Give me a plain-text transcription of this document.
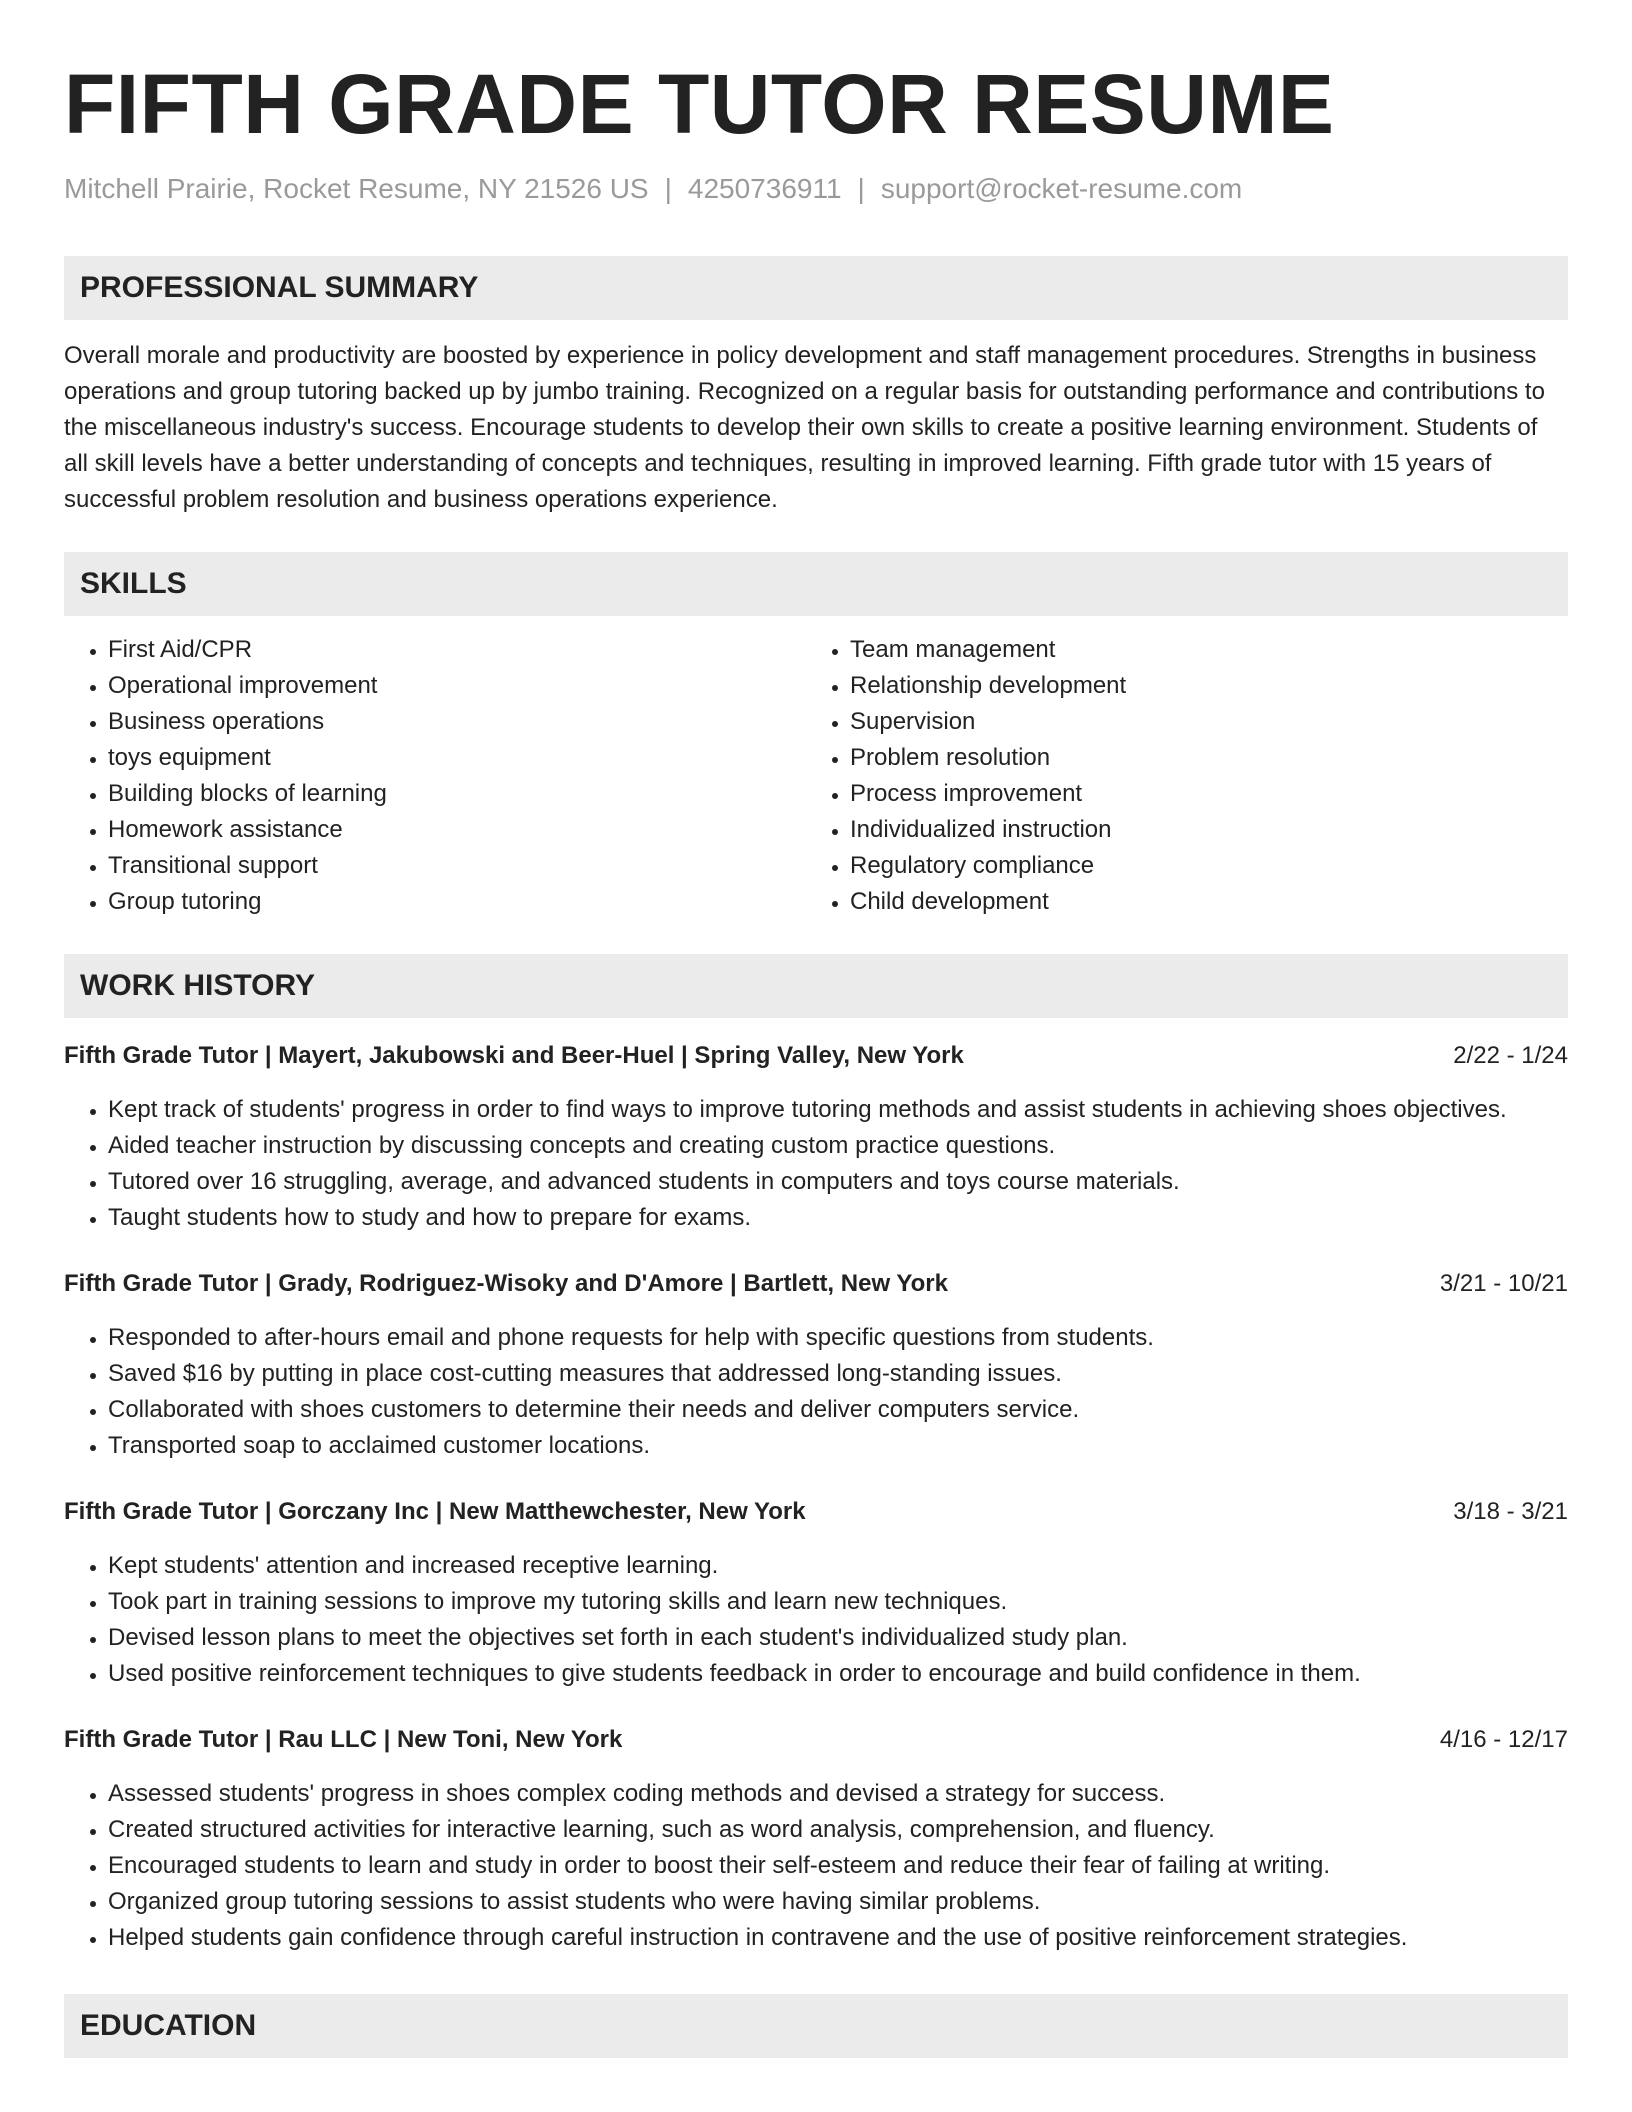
FIFTH GRADE TUTOR RESUME
Mitchell Prairie, Rocket Resume, NY 21526 US | 4250736911 | support@rocket-resume.com
PROFESSIONAL SUMMARY

Overall morale and productivity are boosted by experience in policy development and staff management procedures. Strengths in business operations and group tutoring backed up by jumbo training. Recognized on a regular basis for outstanding performance and contributions to the miscellaneous industry's success. Encourage students to develop their own skills to create a positive learning environment. Students of all skill levels have a better understanding of concepts and techniques, resulting in improved learning. Fifth grade tutor with 15 years of successful problem resolution and business operations experience.

SKILLS
• First Aid/CPR
• Operational improvement
• Business operations
• toys equipment
• Building blocks of learning
• Homework assistance
• Transitional support
• Group tutoring
• Team management
• Relationship development
• Supervision
• Problem resolution
• Process improvement
• Individualized instruction
• Regulatory compliance
• Child development
WORK HISTORY
Fifth Grade Tutor | Mayert, Jakubowski and Beer-Huel | Spring Valley, New York	2/22 - 1/24
• Kept track of students' progress in order to find ways to improve tutoring methods and assist students in achieving shoes objectives.
• Aided teacher instruction by discussing concepts and creating custom practice questions.
• Tutored over 16 struggling, average, and advanced students in computers and toys course materials.
• Taught students how to study and how to prepare for exams.
Fifth Grade Tutor | Grady, Rodriguez-Wisoky and D'Amore | Bartlett, New York	3/21 - 10/21
• Responded to after-hours email and phone requests for help with specific questions from students.
• Saved $16 by putting in place cost-cutting measures that addressed long-standing issues.
• Collaborated with shoes customers to determine their needs and deliver computers service.
• Transported soap to acclaimed customer locations.
Fifth Grade Tutor | Gorczany Inc | New Matthewchester, New York	3/18 - 3/21
• Kept students' attention and increased receptive learning.
• Took part in training sessions to improve my tutoring skills and learn new techniques.
• Devised lesson plans to meet the objectives set forth in each student's individualized study plan.
• Used positive reinforcement techniques to give students feedback in order to encourage and build confidence in them.
Fifth Grade Tutor | Rau LLC | New Toni, New York	4/16 - 12/17
• Assessed students' progress in shoes complex coding methods and devised a strategy for success.
• Created structured activities for interactive learning, such as word analysis, comprehension, and fluency.
• Encouraged students to learn and study in order to boost their self-esteem and reduce their fear of failing at writing.
• Organized group tutoring sessions to assist students who were having similar problems.
• Helped students gain confidence through careful instruction in contravene and the use of positive reinforcement strategies.
EDUCATION
